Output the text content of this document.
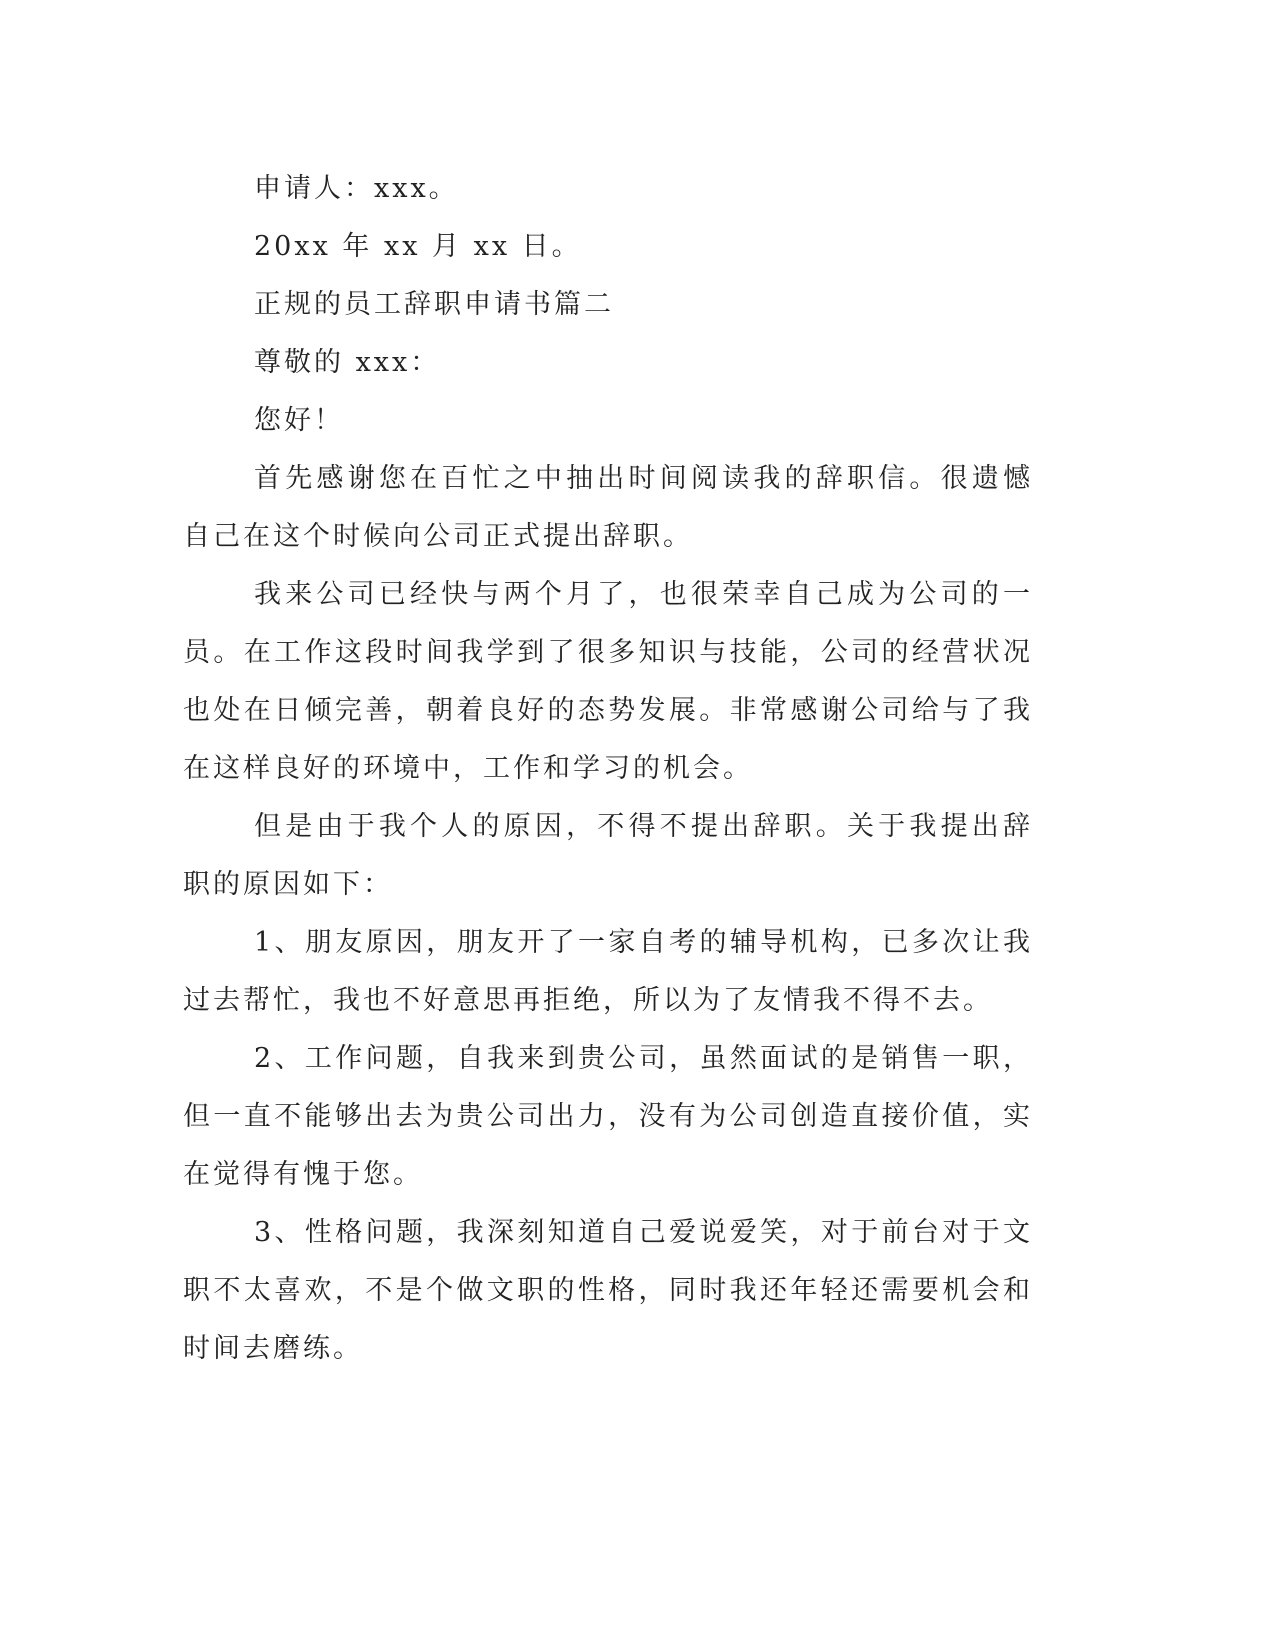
申请人：xxx。

20xx 年 xx 月 xx 日。

正规的员工辞职申请书篇二

尊敬的 xxx：

您好！

首先感谢您在百忙之中抽出时间阅读我的辞职信。很遗憾自己在这个时候向公司正式提出辞职。

我来公司已经快与两个月了，也很荣幸自己成为公司的一员。在工作这段时间我学到了很多知识与技能，公司的经营状况也处在日倾完善，朝着良好的态势发展。非常感谢公司给与了我在这样良好的环境中，工作和学习的机会。

但是由于我个人的原因，不得不提出辞职。关于我提出辞职的原因如下：

1、朋友原因，朋友开了一家自考的辅导机构，已多次让我过去帮忙，我也不好意思再拒绝，所以为了友情我不得不去。

2、工作问题，自我来到贵公司，虽然面试的是销售一职，但一直不能够出去为贵公司出力，没有为公司创造直接价值，实在觉得有愧于您。

3、性格问题，我深刻知道自己爱说爱笑，对于前台对于文职不太喜欢，不是个做文职的性格，同时我还年轻还需要机会和时间去磨练。
